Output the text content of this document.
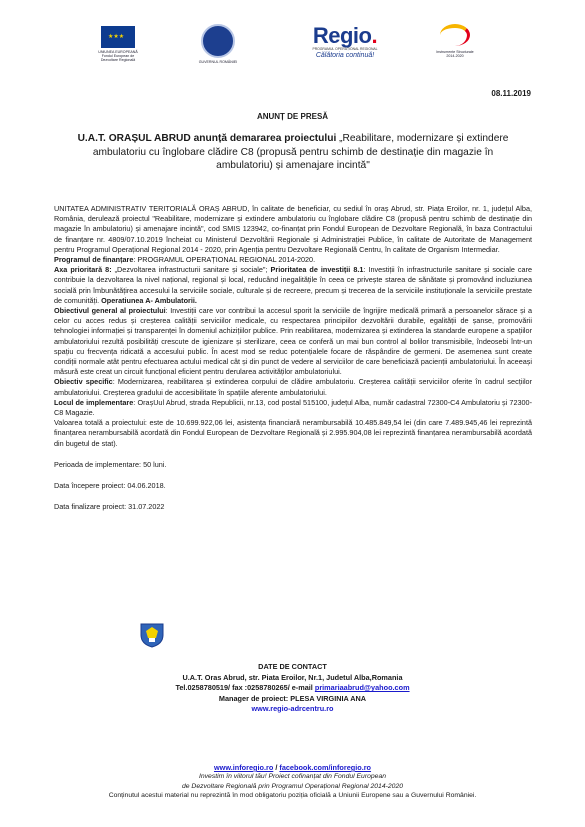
★★★
UNIUNEA EUROPEANĂ
Fondul European de
Dezvoltare Regională	GUVERNUL ROMÂNIEI
Regio.
PROGRAMUL OPERAȚIONAL REGIONAL
Călătoria continuă!	Instrumente Structurale
2014-2020
08.11.2019
ANUNȚ DE PRESĂ
U.A.T. ORAȘUL ABRUD anunță demararea proiectului „Reabilitare, modernizare și extindere ambulatoriu cu înglobare clădire C8 (propusă pentru schimb de destinație din magazie în ambulatoriu) și amenajare incintă"

UNITATEA ADMINISTRATIV TERITORIALĂ ORAȘ ABRUD, în calitate de beneficiar, cu sediul în oraș Abrud, str. Piața Eroilor, nr. 1, județul Alba, România, derulează proiectul "Reabilitare, modernizare și extindere ambulatoriu cu înglobare clădire C8 (propusă pentru schimb de destinație din magazie în ambulatoriu) și amenajare incintă", cod SMIS 123942, co-finanțat prin Fondul European de Dezvoltare Regională, în baza Contractului de finanțare nr. 4809/07.10.2019 încheiat cu Ministerul Dezvoltării Regionale și Administrației Publice, în calitate de Autoritate de Management pentru Programul Operațional Regional 2014 - 2020, prin Agenția pentru Dezvoltare Regională Centru, în calitate de Organism Intermediar.

Programul de finanțare: PROGRAMUL OPERAȚIONAL REGIONAL 2014-2020.

Axa prioritară 8: „Dezvoltarea infrastructurii sanitare și sociale"; Prioritatea de investiții 8.1: Investiții în infrastructurile sanitare și sociale care contribuie la dezvoltarea la nivel național, regional și local, reducând inegalitățile în ceea ce privește starea de sănătate și promovând incluziunea socială prin îmbunătățirea accesului la serviciile sociale, culturale și de recreere, precum și trecerea de la serviciile instituționale la serviciile prestate de comunități. Operatiunea A- Ambulatorii.

Obiectivul general al proiectului: Investiții care vor contribui la accesul sporit la serviciile de îngrijire medicală primară a persoanelor sărace și a celor cu acces redus și creșterea calității serviciilor medicale, cu respectarea principiilor dezvoltării durabile, egalității de șanse, promovării tehnologiei informației și transparenței în domeniul achizițiilor publice. Prin reabilitarea, modernizarea și extinderea la standarde europene a spațiilor ambulatoriului rezultă posibilități crescute de igienizare și sterilizare, ceea ce conferă un mai bun control al bolilor transmisibile, îndeosebi într-un spațiu cu frecvența ridicată a accesului public. În acest mod se reduc potențialele focare de răspândire de germeni. De asemenea sunt create condiții normale atât pentru efectuarea actului medical cât și din punct de vedere al serviciilor de care beneficiază pacienții ambulatoriului. În aceeași măsură este creat un circuit funcțional eficient pentru derularea activităților ambulatoriului.

Obiectiv specific: Modernizarea, reabilitarea și extinderea corpului de clădire ambulatoriu. Creșterea calității serviciilor oferite în cadrul secțiilor ambulatoriului. Creșterea gradului de accesibilitate în spațiile aferente ambulatoriului.

Locul de implementare: OrașUul Abrud, strada Republicii, nr.13, cod postal 515100, județul Alba, număr cadastral 72300-C4 Ambulatoriu și 72300-C8 Magazie.

Valoarea totală a proiectului: este de 10.699.922,06 lei, asistența financiară nerambursabilă 10.485.849,54 lei (din care 7.489.945,46 lei reprezintă finanțarea nerambursabilă acordată din Fondul European de Dezvoltare Regională și 2.995.904,08 lei reprezintă finanțarea nerambursabilă acordată din bugetul de stat).

Perioada de implementare: 50 luni.

Data începere proiect: 04.06.2018.

Data finalizare proiect: 31.07.2022

DATE DE CONTACT
U.A.T. Oras Abrud, str. Piata Eroilor, Nr.1, Judetul Alba,Romania
Tel.0258780519/ fax :0258780265/ e-mail primariaabrud@yahoo.com
Manager de proiect: PLESA VIRGINIA ANA
www.regio-adrcentru.ro
www.inforegio.ro / facebook.com/inforegio.ro
Investim în viitorul tău! Proiect cofinanțat din Fondul European
de Dezvoltare Regională prin Programul Operațional Regional 2014-2020
Conținutul acestui material nu reprezintă în mod obligatoriu poziția oficială a Uniunii Europene sau a Guvernului României.
